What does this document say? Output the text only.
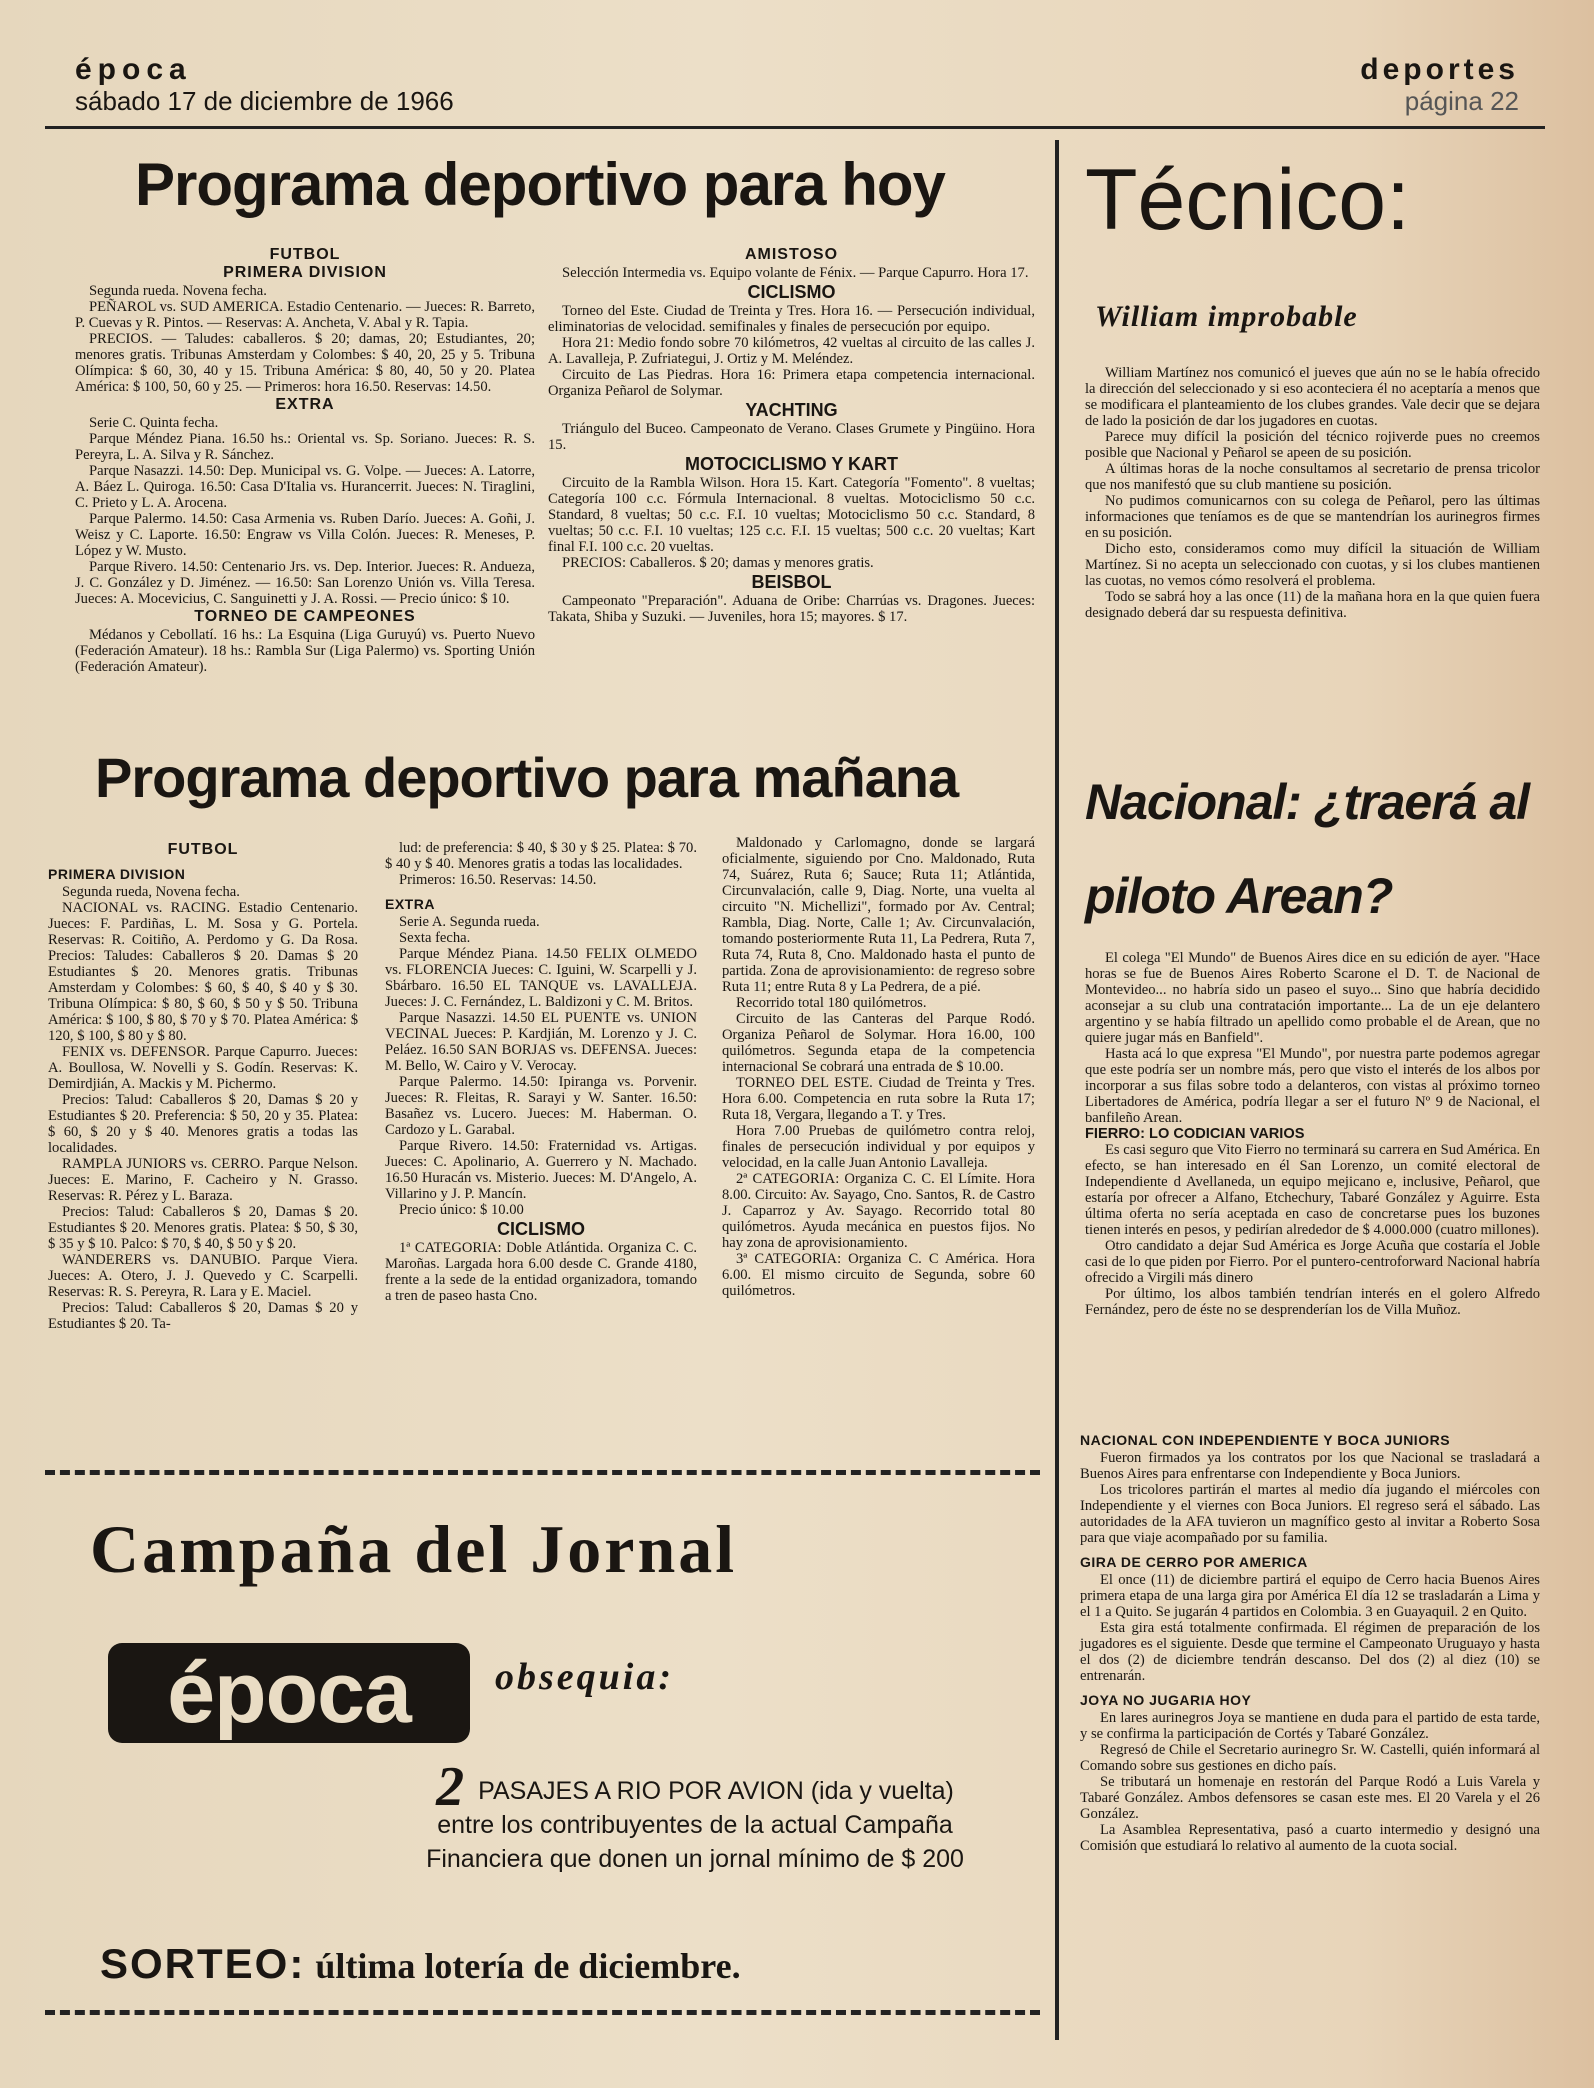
época
sábado 17 de diciembre de 1966
deportes
página 22
Programa deportivo para hoy

FUTBOL

PRIMERA DIVISION

Segunda rueda. Novena fecha.

PEÑAROL vs. SUD AMERICA. Estadio Centenario. — Jueces: R. Barreto, P. Cuevas y R. Pintos. — Reservas: A. Ancheta, V. Abal y R. Tapia.

PRECIOS. — Taludes: caballeros. $ 20; damas, 20; Estudiantes, 20; menores gratis. Tribunas Amsterdam y Colombes: $ 40, 20, 25 y 5. Tribuna Olímpica: $ 60, 30, 40 y 15. Tribuna América: $ 80, 40, 50 y 20. Platea América: $ 100, 50, 60 y 25. — Primeros: hora 16.50. Reservas: 14.50.

EXTRA

Serie C. Quinta fecha.

Parque Méndez Piana. 16.50 hs.: Oriental vs. Sp. Soriano. Jueces: R. S. Pereyra, L. A. Silva y R. Sánchez.

Parque Nasazzi. 14.50: Dep. Municipal vs. G. Volpe. — Jueces: A. Latorre, A. Báez L. Quiroga. 16.50: Casa D'Italia vs. Hurancerrit. Jueces: N. Tiraglini, C. Prieto y L. A. Arocena.

Parque Palermo. 14.50: Casa Armenia vs. Ruben Darío. Jueces: A. Goñi, J. Weisz y C. Laporte. 16.50: Engraw vs Villa Colón. Jueces: R. Meneses, P. López y W. Musto.

Parque Rivero. 14.50: Centenario Jrs. vs. Dep. Interior. Jueces: R. Andueza, J. C. González y D. Jiménez. — 16.50: San Lorenzo Unión vs. Villa Teresa. Jueces: A. Mocevicius, C. Sanguinetti y J. A. Rossi. — Precio único: $ 10.

TORNEO DE CAMPEONES

Médanos y Cebollatí. 16 hs.: La Esquina (Liga Guruyú) vs. Puerto Nuevo (Federación Amateur). 18 hs.: Rambla Sur (Liga Palermo) vs. Sporting Unión (Federación Amateur).

AMISTOSO

Selección Intermedia vs. Equipo volante de Fénix. — Parque Capurro. Hora 17.

CICLISMO

Torneo del Este. Ciudad de Treinta y Tres. Hora 16. — Persecución individual, eliminatorias de velocidad. semifinales y finales de persecución por equipo.

Hora 21: Medio fondo sobre 70 kilómetros, 42 vueltas al circuito de las calles J. A. Lavalleja, P. Zufriategui, J. Ortiz y M. Meléndez.

Circuito de Las Piedras. Hora 16: Primera etapa competencia internacional. Organiza Peñarol de Solymar.

YACHTING

Triángulo del Buceo. Campeonato de Verano. Clases Grumete y Pingüino. Hora 15.

MOTOCICLISMO Y KART

Circuito de la Rambla Wilson. Hora 15. Kart. Categoría "Fomento". 8 vueltas; Categoría 100 c.c. Fórmula Internacional. 8 vueltas. Motociclismo 50 c.c. Standard, 8 vueltas; 50 c.c. F.I. 10 vueltas; Motociclismo 50 c.c. Standard, 8 vueltas; 50 c.c. F.I. 10 vueltas; 125 c.c. F.I. 15 vueltas; 500 c.c. 20 vueltas; Kart final F.I. 100 c.c. 20 vueltas.

PRECIOS: Caballeros. $ 20; damas y menores gratis.

BEISBOL

Campeonato "Preparación". Aduana de Oribe: Charrúas vs. Dragones. Jueces: Takata, Shiba y Suzuki. — Juveniles, hora 15; mayores. $ 17.

Programa deportivo para mañana

FUTBOL

PRIMERA DIVISION

Segunda rueda, Novena fecha.

NACIONAL vs. RACING. Estadio Centenario. Jueces: F. Pardiñas, L. M. Sosa y G. Portela. Reservas: R. Coitiño, A. Perdomo y G. Da Rosa. Precios: Taludes: Caballeros $ 20. Damas $ 20 Estudiantes $ 20. Menores gratis. Tribunas Amsterdam y Colombes: $ 60, $ 40, $ 40 y $ 30. Tribuna Olímpica: $ 80, $ 60, $ 50 y $ 50. Tribuna América: $ 100, $ 80, $ 70 y $ 70. Platea América: $ 120, $ 100, $ 80 y $ 80.

FENIX vs. DEFENSOR. Parque Capurro. Jueces: A. Boullosa, W. Novelli y S. Godín. Reservas: K. Demirdjián, A. Mackis y M. Pichermo.

Precios: Talud: Caballeros $ 20, Damas $ 20 y Estudiantes $ 20. Preferencia: $ 50, 20 y 35. Platea: $ 60, $ 20 y $ 40. Menores gratis a todas las localidades.

RAMPLA JUNIORS vs. CERRO. Parque Nelson. Jueces: E. Marino, F. Cacheiro y N. Grasso. Reservas: R. Pérez y L. Baraza.

Precios: Talud: Caballeros $ 20, Damas $ 20. Estudiantes $ 20. Menores gratis. Platea: $ 50, $ 30, $ 35 y $ 10. Palco: $ 70, $ 40, $ 50 y $ 20.

WANDERERS vs. DANUBIO. Parque Viera. Jueces: A. Otero, J. J. Quevedo y C. Scarpelli. Reservas: R. S. Pereyra, R. Lara y E. Maciel.

Precios: Talud: Caballeros $ 20, Damas $ 20 y Estudiantes $ 20. Ta-

lud: de preferencia: $ 40, $ 30 y $ 25. Platea: $ 70. $ 40 y $ 40. Menores gratis a todas las localidades.

Primeros: 16.50. Reservas: 14.50.

EXTRA

Serie A. Segunda rueda.

Sexta fecha.

Parque Méndez Piana. 14.50 FELIX OLMEDO vs. FLORENCIA Jueces: C. Iguini, W. Scarpelli y J. Sbárbaro. 16.50 EL TANQUE vs. LAVALLEJA. Jueces: J. C. Fernández, L. Baldizoni y C. M. Britos.

Parque Nasazzi. 14.50 EL PUENTE vs. UNION VECINAL Jueces: P. Kardjián, M. Lorenzo y J. C. Peláez. 16.50 SAN BORJAS vs. DEFENSA. Jueces: M. Bello, W. Cairo y V. Verocay.

Parque Palermo. 14.50: Ipiranga vs. Porvenir. Jueces: R. Fleitas, R. Sarayi y W. Santer. 16.50: Basañez vs. Lucero. Jueces: M. Haberman. O. Cardozo y L. Garabal.

Parque Rivero. 14.50: Fraternidad vs. Artigas. Jueces: C. Apolinario, A. Guerrero y N. Machado. 16.50 Huracán vs. Misterio. Jueces: M. D'Angelo, A. Villarino y J. P. Mancín.

Precio único: $ 10.00

CICLISMO

1ª CATEGORIA: Doble Atlántida. Organiza C. C. Maroñas. Largada hora 6.00 desde C. Grande 4180, frente a la sede de la entidad organizadora, tomando a tren de paseo hasta Cno.

Maldonado y Carlomagno, donde se largará oficialmente, siguiendo por Cno. Maldonado, Ruta 74, Suárez, Ruta 6; Sauce; Ruta 11; Atlántida, Circunvalación, calle 9, Diag. Norte, una vuelta al circuito "N. Michellizi", formado por Av. Central; Rambla, Diag. Norte, Calle 1; Av. Circunvalación, tomando posteriormente Ruta 11, La Pedrera, Ruta 7, Ruta 74, Ruta 8, Cno. Maldonado hasta el punto de partida. Zona de aprovisionamiento: de regreso sobre Ruta 11; entre Ruta 8 y La Pedrera, de a pié.

Recorrido total 180 quilómetros.

Circuito de las Canteras del Parque Rodó. Organiza Peñarol de Solymar. Hora 16.00, 100 quilómetros. Segunda etapa de la competencia internacional Se cobrará una entrada de $ 10.00.

TORNEO DEL ESTE. Ciudad de Treinta y Tres. Hora 6.00. Competencia en ruta sobre la Ruta 17; Ruta 18, Vergara, llegando a T. y Tres.

Hora 7.00 Pruebas de quilómetro contra reloj, finales de persecución individual y por equipos y velocidad, en la calle Juan Antonio Lavalleja.

2ª CATEGORIA: Organiza C. C. El Límite. Hora 8.00. Circuito: Av. Sayago, Cno. Santos, R. de Castro J. Caparroz y Av. Sayago. Recorrido total 80 quilómetros. Ayuda mecánica en puestos fijos. No hay zona de aprovisionamiento.

3ª CATEGORIA: Organiza C. C América. Hora 6.00. El mismo circuito de Segunda, sobre 60 quilómetros.

Campaña del Jornal
época	obsequia:
2 PASAJES A RIO POR AVION (ida y vuelta)
entre los contribuyentes de la actual Campaña
Financiera que donen un jornal mínimo de $ 200
SORTEO: última lotería de diciembre.
Técnico:
William improbable

William Martínez nos comunicó el jueves que aún no se le había ofrecido la dirección del seleccionado y si eso aconteciera él no aceptaría a menos que se modificara el planteamiento de los clubes grandes. Vale decir que se dejara de lado la posición de dar los jugadores en cuotas.

Parece muy difícil la posición del técnico rojiverde pues no creemos posible que Nacional y Peñarol se apeen de su posición.

A últimas horas de la noche consultamos al secretario de prensa tricolor que nos manifestó que su club mantiene su posición.

No pudimos comunicarnos con su colega de Peñarol, pero las últimas informaciones que teníamos es de que se mantendrían los aurinegros firmes en su posición.

Dicho esto, consideramos como muy difícil la situación de William Martínez. Si no acepta un seleccionado con cuotas, y si los clubes mantienen las cuotas, no vemos cómo resolverá el problema.

Todo se sabrá hoy a las once (11) de la mañana hora en la que quien fuera designado deberá dar su respuesta definitiva.

Nacional: ¿traerá al piloto Arean?

El colega "El Mundo" de Buenos Aires dice en su edición de ayer. "Hace horas se fue de Buenos Aires Roberto Scarone el D. T. de Nacional de Montevideo... no habría sido un paseo el suyo... Sino que habría decidido aconsejar a su club una contratación importante... La de un eje delantero argentino y se había filtrado un apellido como probable el de Arean, que no quiere jugar más en Banfield".

Hasta acá lo que expresa "El Mundo", por nuestra parte podemos agregar que este podría ser un nombre más, pero que visto el interés de los albos por incorporar a sus filas sobre todo a delanteros, con vistas al próximo torneo Libertadores de América, podría llegar a ser el futuro Nº 9 de Nacional, el banfileño Arean.

FIERRO: LO CODICIAN VARIOS

Es casi seguro que Vito Fierro no terminará su carrera en Sud América. En efecto, se han interesado en él San Lorenzo, un comité electoral de Independiente d Avellaneda, un equipo mejicano e, inclusive, Peñarol, que estaría por ofrecer a Alfano, Etchechury, Tabaré González y Aguirre. Esta última oferta no sería aceptada en caso de concretarse pues los buzones tienen interés en pesos, y pedirían alrededor de $ 4.000.000 (cuatro millones).

Otro candidato a dejar Sud América es Jorge Acuña que costaría el Joble casi de lo que piden por Fierro. Por el puntero-centroforward Nacional habría ofrecido a Virgili más dinero

Por último, los albos también tendrían interés en el golero Alfredo Fernández, pero de éste no se desprenderían los de Villa Muñoz.

NACIONAL CON INDEPENDIENTE Y BOCA JUNIORS

Fueron firmados ya los contratos por los que Nacional se trasladará a Buenos Aires para enfrentarse con Independiente y Boca Juniors.

Los tricolores partirán el martes al medio día jugando el miércoles con Independiente y el viernes con Boca Juniors. El regreso será el sábado. Las autoridades de la AFA tuvieron un magnífico gesto al invitar a Roberto Sosa para que viaje acompañado por su familia.

GIRA DE CERRO POR AMERICA

El once (11) de diciembre partirá el equipo de Cerro hacia Buenos Aires primera etapa de una larga gira por América El día 12 se trasladarán a Lima y el 1 a Quito. Se jugarán 4 partidos en Colombia. 3 en Guayaquil. 2 en Quito.

Esta gira está totalmente confirmada. El régimen de preparación de los jugadores es el siguiente. Desde que termine el Campeonato Uruguayo y hasta el dos (2) de diciembre tendrán descanso. Del dos (2) al diez (10) se entrenarán.

JOYA NO JUGARIA HOY

En lares aurinegros Joya se mantiene en duda para el partido de esta tarde, y se confirma la participación de Cortés y Tabaré González.

Regresó de Chile el Secretario aurinegro Sr. W. Castelli, quién informará al Comando sobre sus gestiones en dicho país.

Se tributará un homenaje en restorán del Parque Rodó a Luis Varela y Tabaré González. Ambos defensores se casan este mes. El 20 Varela y el 26 González.

La Asamblea Representativa, pasó a cuarto intermedio y designó una Comisión que estudiará lo relativo al aumento de la cuota social.
